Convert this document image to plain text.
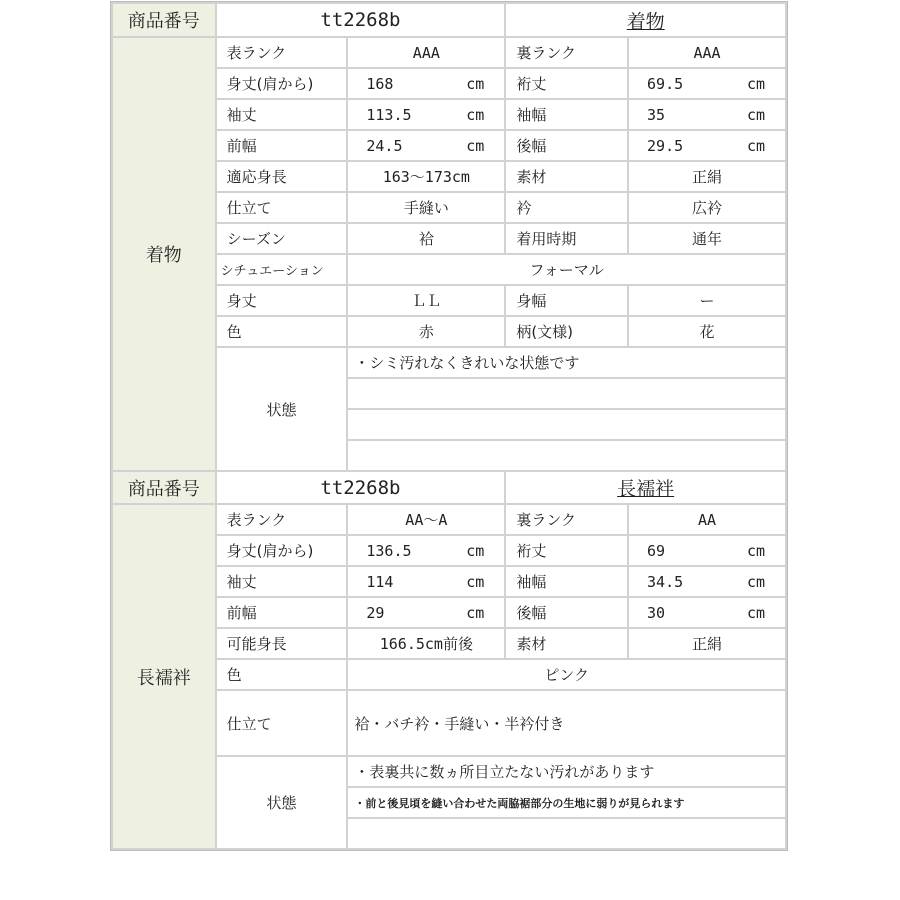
商品番号	tt2268b		着物	
着物	表ランク	AAA	裏ランク	AAA
	身丈(肩から)	168 cm	裄丈	69.5 cm

	袖丈	113.5 cm	袖幅	35 cm

	前幅	24.5 cm	後幅	29.5 cm

	適応身長	163～173cm	素材	正絹
	仕立て	手縫い	衿	広衿
	シーズン	袷	着用時期	通年
	シチュエーション	フォーマル		
	身丈	ＬＬ	身幅	ー
	色	赤	柄(文様)	花
	状態	・シミ汚れなくきれいな状態です		

商品番号	tt2268b		長襦袢	
長襦袢	表ランク	AA～A	裏ランク	AA
	身丈(肩から)	136.5 cm	裄丈	69 cm

	袖丈	114 cm	袖幅	34.5 cm

	前幅	29 cm	後幅	30 cm

	可能身長	166.5cm前後	素材	正絹
	色	ピンク		
	仕立て	袷・バチ衿・手縫い・半衿付き		
	状態	・表裏共に数ヵ所目立たない汚れがあります		
		・前と後見頃を縫い合わせた両脇裾部分の生地に弱りが見られます		
